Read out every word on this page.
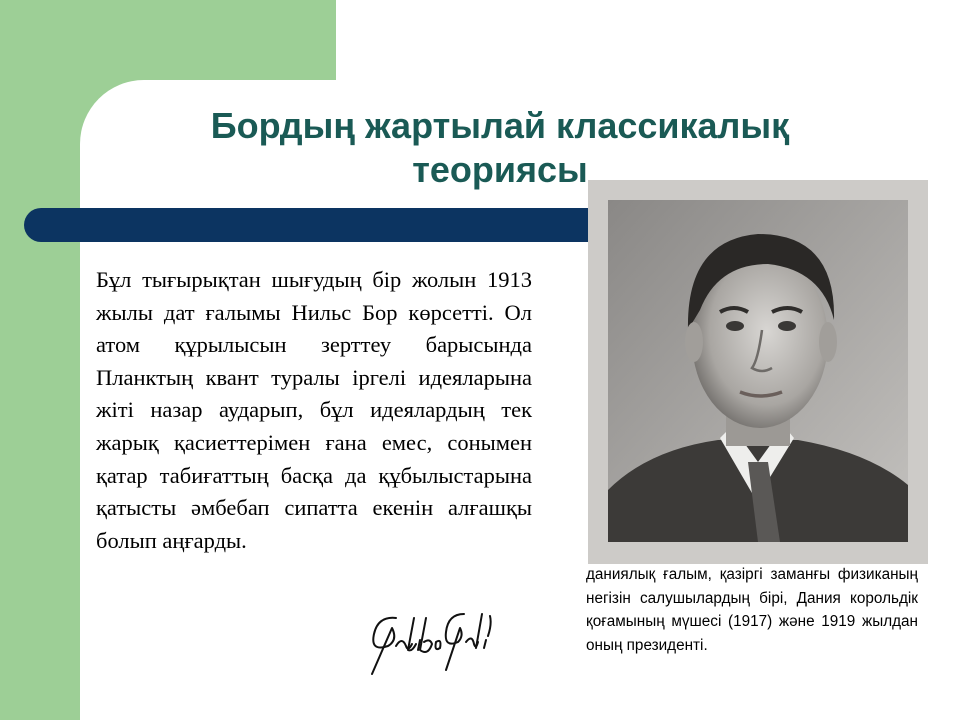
Бордың жартылай классикалық
теориясы

Бұл тығырықтан шығудың бір жолын 1913 жылы дат ғалымы Нильс Бор көрсетті. Ол атом құрылысын зерттеу барысында Планктың квант туралы іргелі идеяларына жіті назар аударып, бұл идеялардың тек жарық қасиеттерімен ғана емес, сонымен қатар табиғаттың басқа да құбылыстарына қатысты әмбебап сипатта екенін алғашқы болып аңғарды.

даниялық ғалым, қазіргі заманғы физиканың негізін салушылардың бірі, Дания корольдік қоғамының мүшесі (1917) және 1919 жылдан оның президенті.
